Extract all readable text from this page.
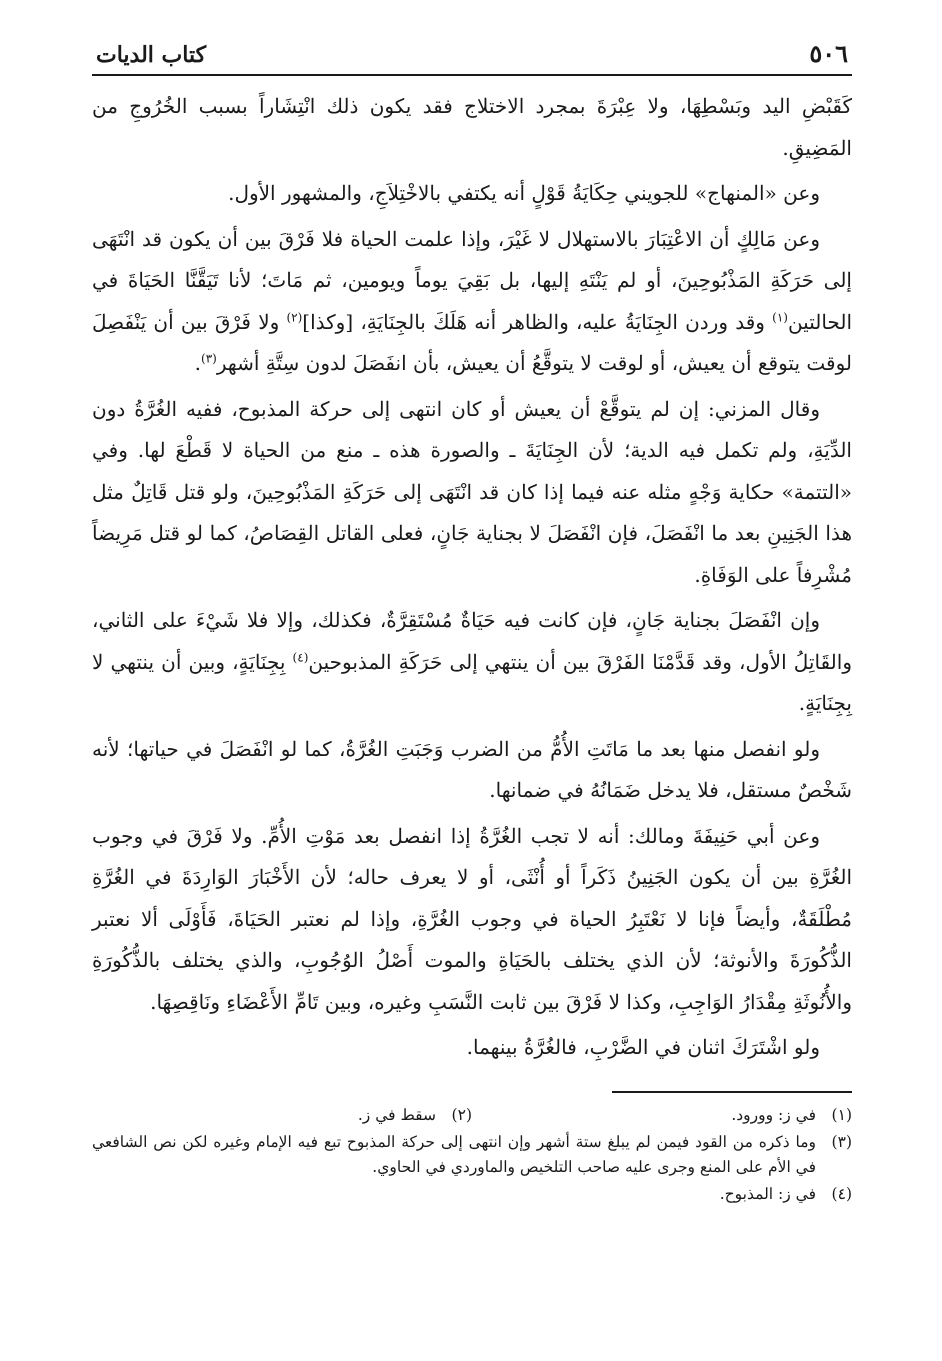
٥٠٦
كتاب الديات

كَقَبْضِ اليد وبَسْطِهَا، ولا عِبْرَةَ بمجرد الاختلاج فقد يكون ذلك انْتِشَاراً بسبب الخُرُوجِ من المَضِيقِ.

وعن «المنهاج» للجويني حِكَايَةُ قَوْلٍ أنه يكتفي بالاخْتِلاَجِ، والمشهور الأول.

وعن مَالِكٍ أن الاعْتِبَارَ بالاستهلال لا غَيْرَ، وإذا علمت الحياة فلا فَرْقَ بين أن يكون قد انْتَهَى إلى حَرَكَةِ المَذْبُوحِينَ، أو لم يَنْتَهِ إليها، بل بَقِيَ يوماً ويومين، ثم مَاتَ؛ لأنا تَيَقَّنَّا الحَيَاةَ في الحالتين$^{(١)}$ وقد وردن الجِنَايَةُ عليه، والظاهر أنه هَلَكَ بالجِنَايَةِ، [وكذا]$^{(٢)}$ ولا فَرْقَ بين أن يَنْفَصِلَ لوقت يتوقع أن يعيش، أو لوقت لا يتوقَّعُ أن يعيش، بأن انفَصَلَ لدون سِتَّةِ أشهر$^{(٣)}$.

وقال المزني: إن لم يتوقَّعْ أن يعيش أو كان انتهى إلى حركة المذبوح، ففيه الغُرَّةُ دون الدِّيَةِ، ولم تكمل فيه الدية؛ لأن الجِنَايَةَ ـ والصورة هذه ـ منع من الحياة لا قَطْعَ لها. وفي «التتمة» حكاية وَجْهٍ مثله عنه فيما إذا كان قد انْتَهَى إلى حَرَكَةِ المَذْبُوحِينَ، ولو قتل قَاتِلٌ مثل هذا الجَنِينِ بعد ما انْفَصَلَ، فإن انْفَصَلَ لا بجناية جَانٍ، فعلى القاتل القِصَاصُ، كما لو قتل مَرِيضاً مُشْرِفاً على الوَفَاةِ.

وإن انْفَصَلَ بجناية جَانٍ، فإن كانت فيه حَيَاةٌ مُسْتَقِرَّةٌ، فكذلك، وإلا فلا شَيْءَ على الثاني، والقَاتِلُ الأول، وقد قَدَّمْنَا الفَرْقَ بين أن ينتهي إلى حَرَكَةِ المذبوحين$^{(٤)}$ بِجِنَايَةٍ، وبين أن ينتهي لا بِجِنَايَةٍ.

ولو انفصل منها بعد ما مَاتَتِ الأُمُّ من الضرب وَجَبَتِ الغُرَّةُ، كما لو انْفَصَلَ في حياتها؛ لأنه شَخْصٌ مستقل، فلا يدخل ضَمَانُهُ في ضمانها.

وعن أبي حَنِيفَةَ ومالك: أنه لا تجب الغُرَّةُ إذا انفصل بعد مَوْتِ الأُمِّ. ولا فَرْقَ في وجوب الغُرَّةِ بين أن يكون الجَنِينُ ذَكَراً أو أُنْثَى، أو لا يعرف حاله؛ لأن الأَخْبَارَ الوَارِدَةَ في الغُرَّةِ مُطْلَقَةٌ، وأيضاً فإنا لا نَعْتَبِرُ الحياة في وجوب الغُرَّةِ، وإذا لم نعتبر الحَيَاةَ، فَأَوْلَى ألا نعتبر الذُّكُورَةَ والأنوثة؛ لأن الذي يختلف بالحَيَاةِ والموت أَصْلُ الوُجُوبِ، والذي يختلف بالذُّكُورَةِ والأُنُوثَةِ مِقْدَارُ الوَاجِبِ، وكذا لا فَرْقَ بين ثابت النَّسَبِ وغيره، وبين تَامِّ الأَعْضَاءِ ونَاقِصِهَا.

ولو اشْتَرَكَ اثنان في الضَّرْبِ، فالغُرَّةُ بينهما.

(١)
في ز: وورود.
(٢)
سقط في ز.
(٣)
وما ذكره من القود فيمن لم يبلغ ستة أشهر وإن انتهى إلى حركة المذبوح تبع فيه الإمام وغيره لكن نص الشافعي في الأم على المنع وجرى عليه صاحب التلخيص والماوردي في الحاوي.
(٤)
في ز: المذبوح.
